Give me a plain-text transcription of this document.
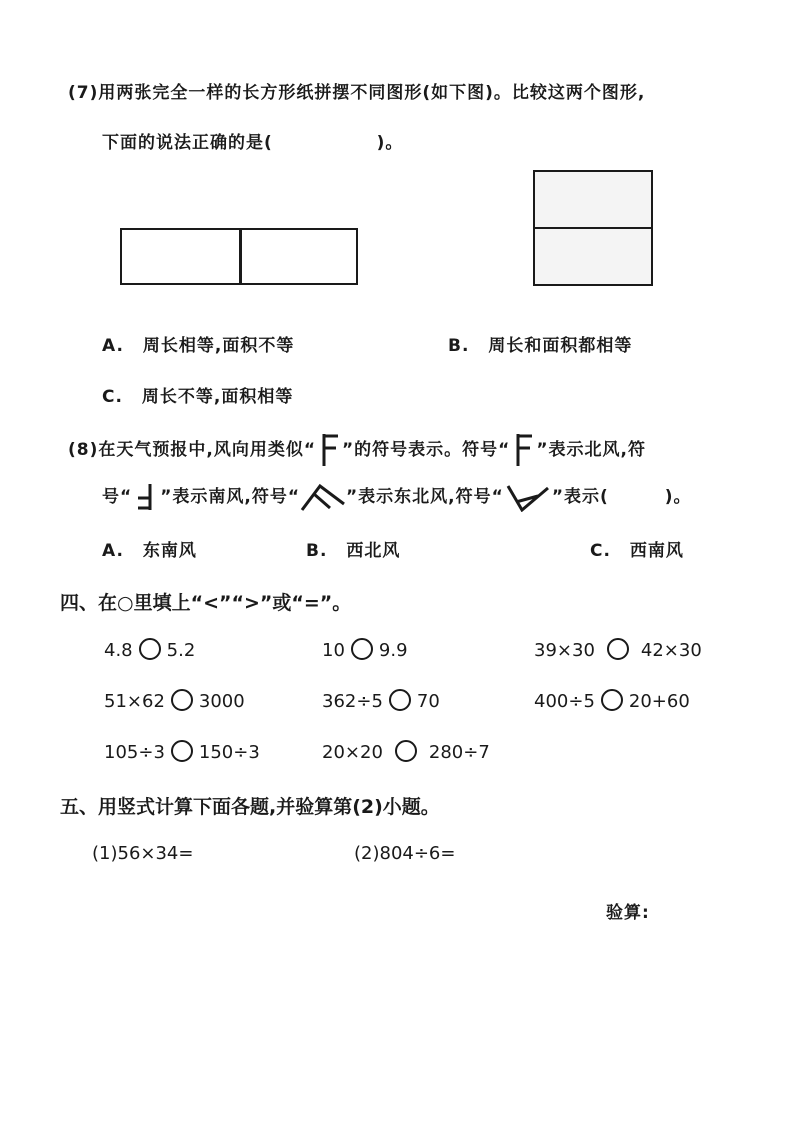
(7)用两张完全一样的长方形纸拼摆不同图形(如下图)。比较这两个图形,
下面的说法正确的是(	)。
A. 周长相等,面积不等	B. 周长和面积都相等
C. 周长不等,面积相等
(8)在天气预报中,风向用类似“ ”的符号表示。符号“ ”表示北风,符
号“ ”表示南风,符号“	”表示东北风,符号“	”表示(	)。
A. 东南风	B. 西北风	C. 西南风
四、在○里填上“<”“>”或“=”。
4.8 5.2	10 9.9	39×30	42×30
51×62 3000	362÷5 70	400÷5 20+60
105÷3 150÷3	20×20	280÷7
五、用竖式计算下面各题,并验算第(2)小题。
(1)56×34=	(2)804÷6=
验算:
